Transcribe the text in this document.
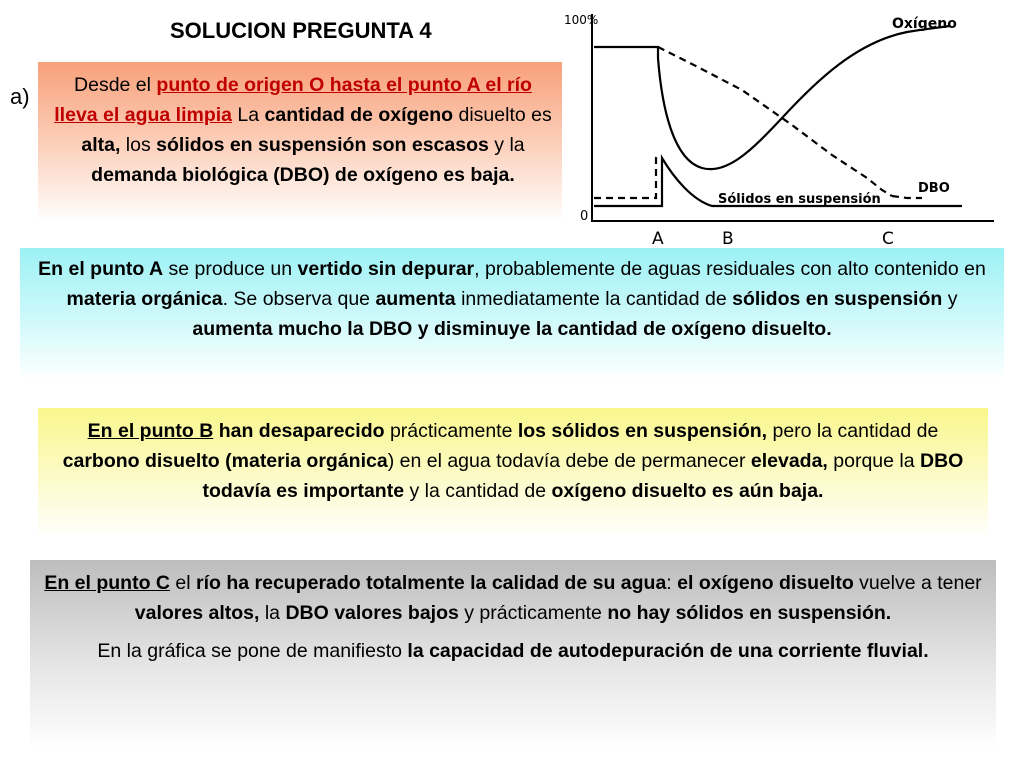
SOLUCION PREGUNTA 4
a)	Desde el punto de origen O hasta el punto A el río lleva el agua limpia La cantidad de oxígeno disuelto es alta, los sólidos en suspensión son escasos y la demanda biológica (DBO) de oxígeno es baja.
100%
0
Oxígeno
Sólidos en suspensión
DBO
A	B	C
En el punto A se produce un vertido sin depurar, probablemente de aguas residuales con alto contenido en materia orgánica. Se observa que aumenta inmediatamente la cantidad de sólidos en suspensión y aumenta mucho la DBO y disminuye la cantidad de oxígeno disuelto.
En el punto B han desaparecido prácticamente los sólidos en suspensión, pero la cantidad de carbono disuelto (materia orgánica) en el agua todavía debe de permanecer elevada, porque la DBO todavía es importante y la cantidad de oxígeno disuelto es aún baja.

En el punto C el río ha recuperado totalmente la calidad de su agua: el oxígeno disuelto vuelve a tener valores altos, la DBO valores bajos y prácticamente no hay sólidos en suspensión.

En la gráfica se pone de manifiesto la capacidad de autodepuración de una corriente fluvial.
